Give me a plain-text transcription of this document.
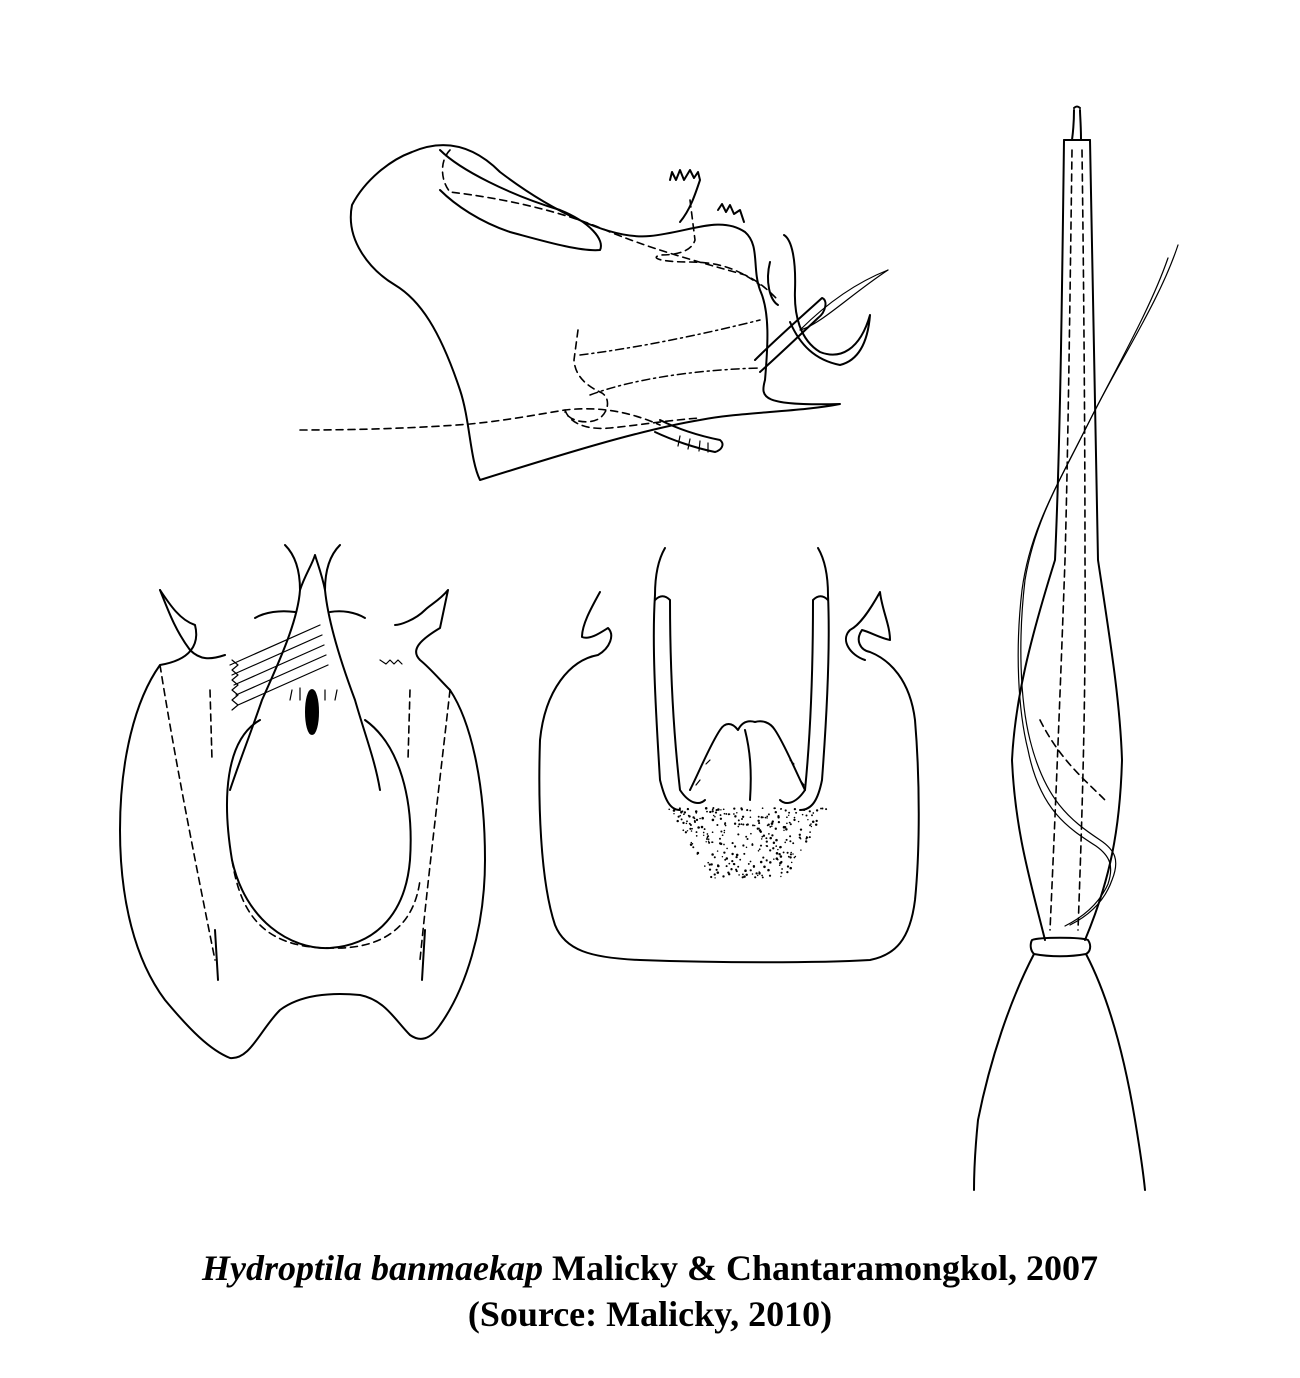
Hydroptila banmaekap Malicky & Chantaramongkol, 2007
(Source: Malicky, 2010)
